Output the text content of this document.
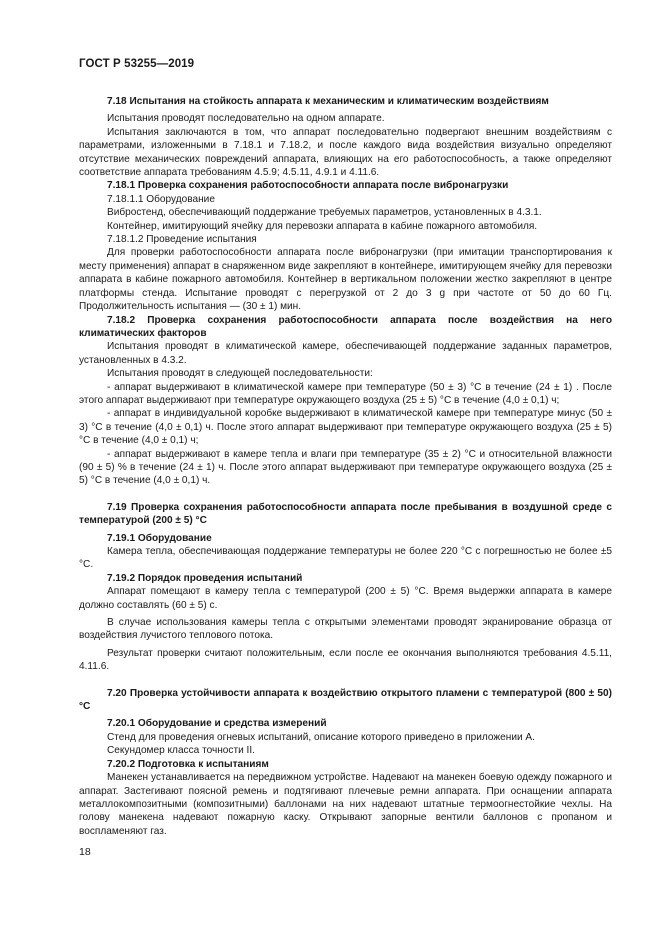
ГОСТ Р 53255—2019

7.18 Испытания на стойкость аппарата к механическим и климатическим воздействиям

Испытания проводят последовательно на одном аппарате.

Испытания заключаются в том, что аппарат последовательно подвергают внешним воздействиям с параметрами, изложенными в 7.18.1 и 7.18.2, и после каждого вида воздействия визуально определяют отсутствие механических повреждений аппарата, влияющих на его работоспособность, а также определяют соответствие аппарата требованиям 4.5.9; 4.5.11, 4.9.1 и 4.11.6.

7.18.1 Проверка сохранения работоспособности аппарата после вибронагрузки

7.18.1.1 Оборудование

Вибростенд, обеспечивающий поддержание требуемых параметров, установленных в 4.3.1.

Контейнер, имитирующий ячейку для перевозки аппарата в кабине пожарного автомобиля.

7.18.1.2 Проведение испытания

Для проверки работоспособности аппарата после вибронагрузки (при имитации транспортирования к месту применения) аппарат в снаряженном виде закрепляют в контейнере, имитирующем ячейку для перевозки аппарата в кабине пожарного автомобиля. Контейнер в вертикальном положении жестко закрепляют в центре платформы стенда. Испытание проводят с перегрузкой от 2 до 3 g при частоте от 50 до 60 Гц. Продолжительность испытания — (30 ± 1) мин.

7.18.2 Проверка сохранения работоспособности аппарата после воздействия на него климатических факторов

Испытания проводят в климатической камере, обеспечивающей поддержание заданных параметров, установленных в 4.3.2.

Испытания проводят в следующей последовательности:

- аппарат выдерживают в климатической камере при температуре (50 ± 3) °С в течение (24 ± 1) . После этого аппарат выдерживают при температуре окружающего воздуха (25 ± 5) °С в течение (4,0 ± 0,1) ч;

- аппарат в индивидуальной коробке выдерживают в климатической камере при температуре минус (50 ± 3) °С в течение (4,0 ± 0,1) ч. После этого аппарат выдерживают при температуре окружающего воздуха (25 ± 5) °С в течение (4,0 ± 0,1) ч;

- аппарат выдерживают в камере тепла и влаги при температуре (35 ± 2) °С и относительной влажности (90 ± 5) % в течение (24 ± 1) ч. После этого аппарат выдерживают при температуре окружающего воздуха (25 ± 5) °С в течение (4,0 ± 0,1) ч.

7.19 Проверка сохранения работоспособности аппарата после пребывания в воздушной среде с температурой (200 ± 5) °С

7.19.1 Оборудование

Камера тепла, обеспечивающая поддержание температуры не более 220 °С с погрешностью не более ±5 °С.

7.19.2 Порядок проведения испытаний

Аппарат помещают в камеру тепла с температурой (200 ± 5) °С. Время выдержки аппарата в камере должно составлять (60 ± 5) с.

В случае использования камеры тепла с открытыми элементами проводят экранирование образца от воздействия лучистого теплового потока.

Результат проверки считают положительным, если после ее окончания выполняются требования 4.5.11, 4.11.6.

7.20 Проверка устойчивости аппарата к воздействию открытого пламени с температурой (800 ± 50) °С

7.20.1 Оборудование и средства измерений

Стенд для проведения огневых испытаний, описание которого приведено в приложении А.

Секундомер класса точности II.

7.20.2 Подготовка к испытаниям

Манекен устанавливается на передвижном устройстве. Надевают на манекен боевую одежду пожарного и аппарат. Застегивают поясной ремень и подтягивают плечевые ремни аппарата. При оснащении аппарата металлокомпозитными (композитными) баллонами на них надевают штатные термоогнестойкие чехлы. На голову манекена надевают пожарную каску. Открывают запорные вентили баллонов с пропаном и воспламеняют газ.

18
